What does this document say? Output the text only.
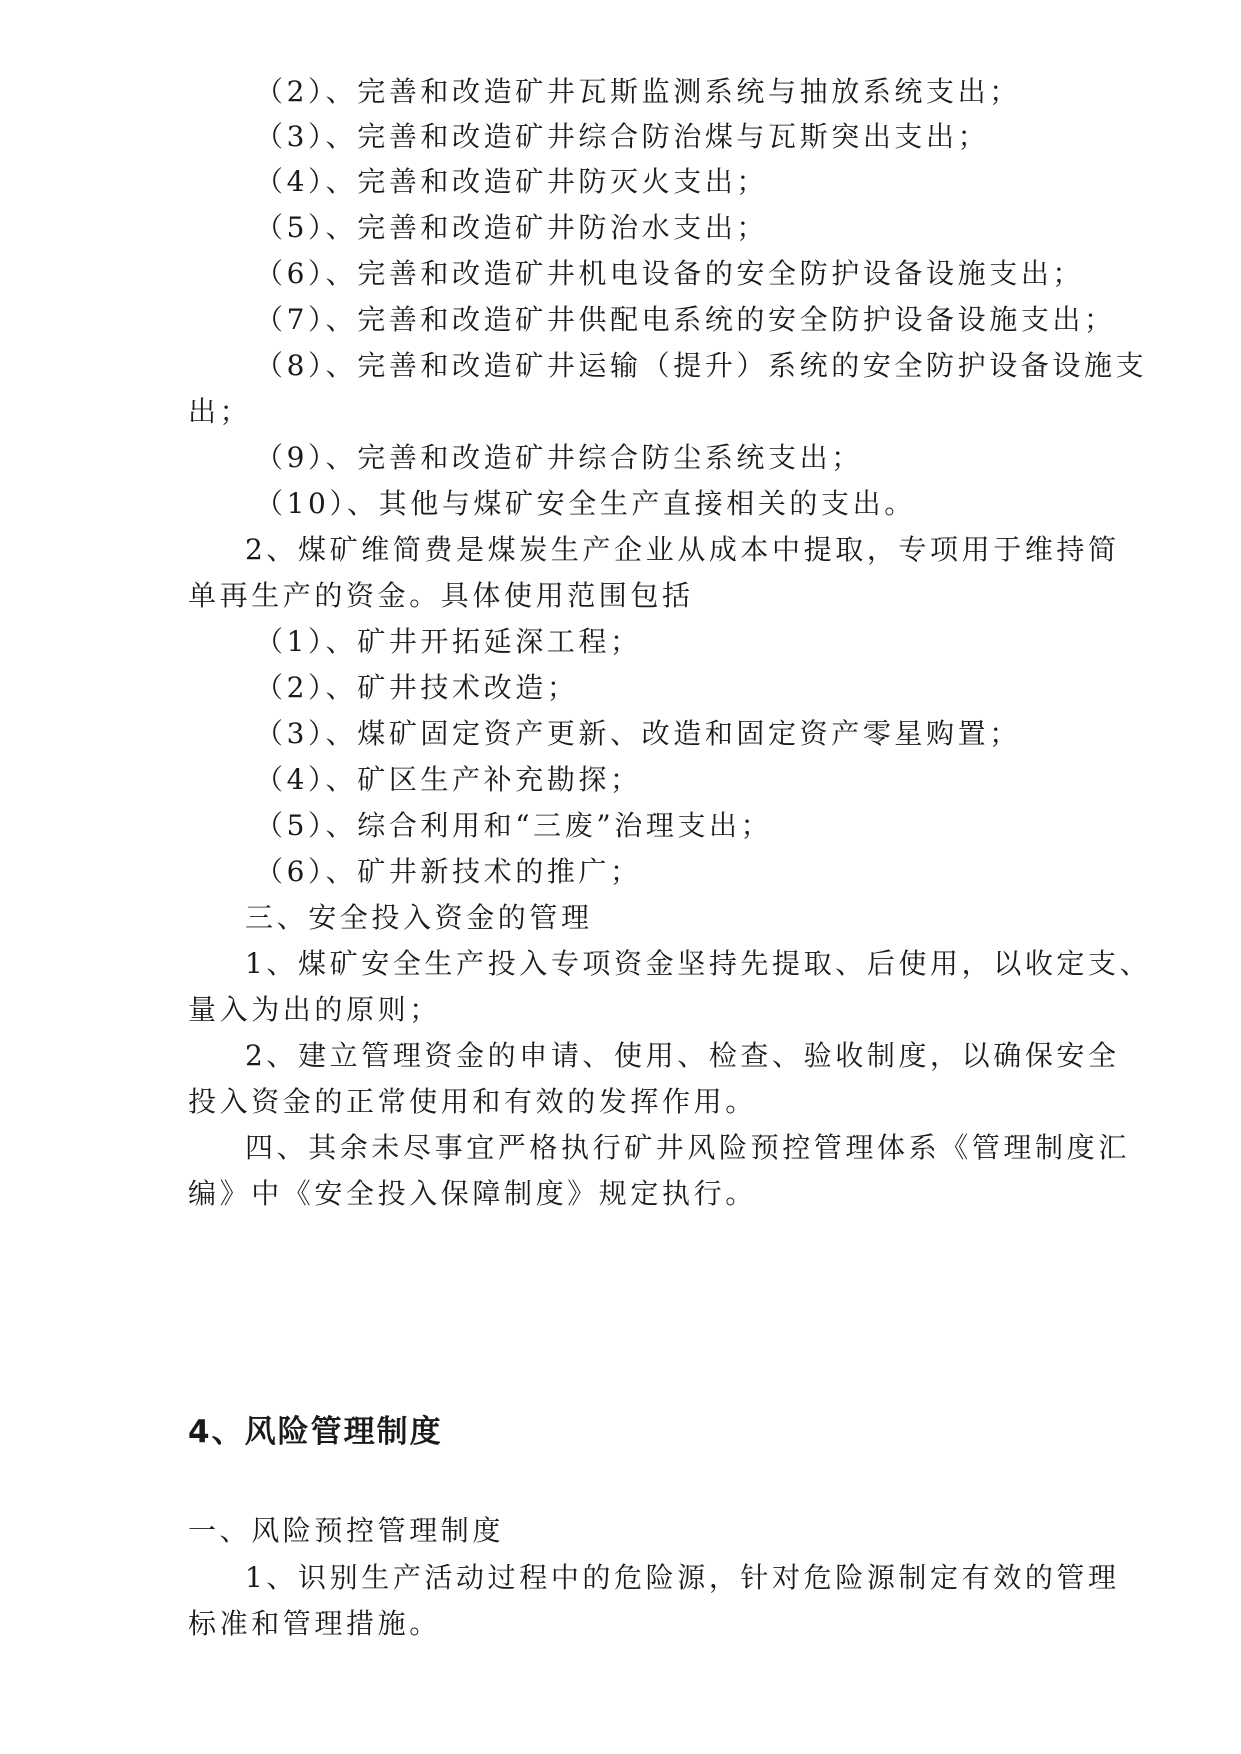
（2）、完善和改造矿井瓦斯监测系统与抽放系统支出；
（3）、完善和改造矿井综合防治煤与瓦斯突出支出；
（4）、完善和改造矿井防灭火支出；
（5）、完善和改造矿井防治水支出；
（6）、完善和改造矿井机电设备的安全防护设备设施支出；
（7）、完善和改造矿井供配电系统的安全防护设备设施支出；
（8）、完善和改造矿井运输（提升）系统的安全防护设备设施支
出；
（9）、完善和改造矿井综合防尘系统支出；
（10）、其他与煤矿安全生产直接相关的支出。
2、煤矿维简费是煤炭生产企业从成本中提取，专项用于维持简
单再生产的资金。具体使用范围包括
（1）、矿井开拓延深工程；
（2）、矿井技术改造；
（3）、煤矿固定资产更新、改造和固定资产零星购置；
（4）、矿区生产补充勘探；
（5）、综合利用和“三废”治理支出；
（6）、矿井新技术的推广；
三、安全投入资金的管理
1、煤矿安全生产投入专项资金坚持先提取、后使用，以收定支、
量入为出的原则；
2、建立管理资金的申请、使用、检查、验收制度，以确保安全
投入资金的正常使用和有效的发挥作用。
四、其余未尽事宜严格执行矿井风险预控管理体系《管理制度汇
编》中《安全投入保障制度》规定执行。
4、风险管理制度
一、风险预控管理制度
1、识别生产活动过程中的危险源，针对危险源制定有效的管理
标准和管理措施。
